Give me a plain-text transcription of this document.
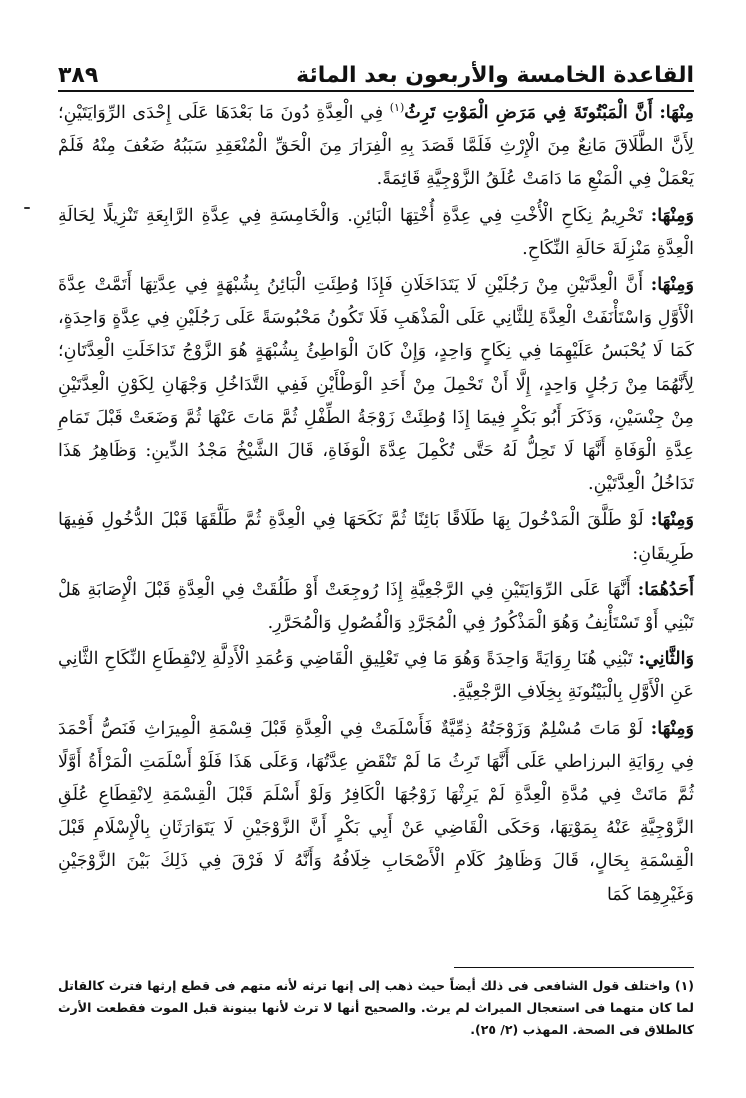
القاعدة الخامسة والأربعون بعد المائة
٣٨٩

مِنْهَا: أَنَّ الْمَبْتُوتَةَ فِي مَرَضِ الْمَوْتِ تَرِثُ$^{(١)}$ فِي الْعِدَّةِ دُونَ مَا بَعْدَهَا عَلَى إِحْدَى الرِّوَايَتَيْنِ؛ لِأَنَّ الطَّلَاقَ مَانِعٌ مِنَ الْإِرْثِ فَلَمَّا قَصَدَ بِهِ الْفِرَارَ مِنَ الْحَقِّ الْمُنْعَقِدِ سَبَبُهُ ضَعُفَ مِنْهُ فَلَمْ يَعْمَلْ فِي الْمَنْعِ مَا دَامَتْ عُلَقُ الزَّوْجِيَّةِ قَائِمَةً.

وَمِنْهَا: تَحْرِيمُ نِكَاحِ الْأُخْتِ فِي عِدَّةِ أُخْتِهَا الْبَائِنِ. وَالْخَامِسَةِ فِي عِدَّةِ الرَّابِعَةِ تَنْزِيلًا لِحَالَةِ الْعِدَّةِ مَنْزِلَةَ حَالَةِ النِّكَاحِ.

وَمِنْهَا: أَنَّ الْعِدَّتَيْنِ مِنْ رَجُلَيْنِ لَا يَتَدَاخَلَانِ فَإِذَا وُطِئَتِ الْبَائِنُ بِشُبْهَةٍ فِي عِدَّتِهَا أَتَمَّتْ عِدَّةَ الْأَوَّلِ وَاسْتَأْنَفَتْ الْعِدَّةَ لِلثَّانِي عَلَى الْمَذْهَبِ فَلَا تَكُونُ مَحْبُوسَةً عَلَى رَجُلَيْنِ فِي عِدَّةٍ وَاحِدَةٍ، كَمَا لَا يُحْبَسُ عَلَيْهِمَا فِي نِكَاحٍ وَاحِدٍ، وَإِنْ كَانَ الْوَاطِئُ بِشُبْهَةٍ هُوَ الزَّوْجُ تَدَاخَلَتِ الْعِدَّتَانِ؛ لِأَنَّهُمَا مِنْ رَجُلٍ وَاحِدٍ، إِلَّا أَنْ تَحْمِلَ مِنْ أَحَدِ الْوَطْأَيْنِ فَفِي التَّدَاخُلِ وَجْهَانِ لِكَوْنِ الْعِدَّتَيْنِ مِنْ جِنْسَيْنِ، وَذَكَرَ أَبُو بَكْرٍ فِيمَا إِذَا وُطِئَتْ زَوْجَةُ الطِّفْلِ ثُمَّ مَاتَ عَنْهَا ثُمَّ وَضَعَتْ قَبْلَ تَمَامِ عِدَّةِ الْوَفَاةِ أَنَّهَا لَا تَحِلُّ لَهُ حَتَّى تُكْمِلَ عِدَّةَ الْوَفَاةِ، قَالَ الشَّيْخُ مَجْدُ الدِّينِ: وَظَاهِرُ هَذَا تَدَاخُلُ الْعِدَّتَيْنِ.

وَمِنْهَا: لَوْ طَلَّقَ الْمَدْخُولَ بِهَا طَلَاقًا بَائِنًا ثُمَّ نَكَحَهَا فِي الْعِدَّةِ ثُمَّ طَلَّقَهَا قَبْلَ الدُّخُولِ فَفِيهَا طَرِيقَانِ:

أَحَدُهُمَا: أَنَّهَا عَلَى الرِّوَايَتَيْنِ فِي الرَّجْعِيَّةِ إِذَا رُوجِعَتْ أَوْ طَلُقَتْ فِي الْعِدَّةِ قَبْلَ الْإِصَابَةِ هَلْ تَبْنِي أَوْ تَسْتَأْنِفُ وَهُوَ الْمَذْكُورُ فِي الْمُجَرَّدِ وَالْفُصُولِ وَالْمُحَرَّرِ.

وَالثَّانِي: تَبْنِي هُنَا رِوَايَةً وَاحِدَةً وَهُوَ مَا فِي تَعْلِيقِ الْقَاضِي وَعُمَدِ الْأَدِلَّةِ لِانْقِطَاعِ النِّكَاحِ الثَّانِي عَنِ الْأَوَّلِ بِالْبَيْنُونَةِ بِخِلَافِ الرَّجْعِيَّةِ.

وَمِنْهَا: لَوْ مَاتَ مُسْلِمٌ وَزَوْجَتُهُ ذِمِّيَّةٌ فَأَسْلَمَتْ فِي الْعِدَّةِ قَبْلَ قِسْمَةِ الْمِيرَاثِ فَنَصُّ أَحْمَدَ فِي رِوَايَةِ البرزاطي عَلَى أَنَّهَا تَرِثُ مَا لَمْ تَنْقَضِ عِدَّتُهَا، وَعَلَى هَذَا فَلَوْ أَسْلَمَتِ الْمَرْأَةُ أَوَّلًا ثُمَّ مَاتَتْ فِي مُدَّةِ الْعِدَّةِ لَمْ يَرِثْهَا زَوْجُهَا الْكَافِرُ وَلَوْ أَسْلَمَ قَبْلَ الْقِسْمَةِ لِانْقِطَاعِ عُلَقِ الزَّوْجِيَّةِ عَنْهُ بِمَوْتِهَا، وَحَكَى الْقَاضِي عَنْ أَبِي بَكْرٍ أَنَّ الزَّوْجَيْنِ لَا يَتَوَارَثَانِ بِالْإِسْلَامِ قَبْلَ الْقِسْمَةِ بِحَالٍ، قَالَ وَظَاهِرُ كَلَامِ الْأَصْحَابِ خِلَافُهُ وَأَنَّهُ لَا فَرْقَ فِي ذَلِكَ بَيْنَ الزَّوْجَيْنِ وَغَيْرِهِمَا كَمَا

(١) واختلف قول الشافعى فى ذلك أيضاً حيث ذهب إلى إنها ترثه لأنه متهم فى قطع إرثها فترث كالقاتل لما كان متهما فى استعجال الميراث لم يرث. والصحيح أنها لا ترث لأنها بينونة قبل الموت فقطعت الأرث كالطلاق فى الصحة. المهذب (٢/ ٢٥).
